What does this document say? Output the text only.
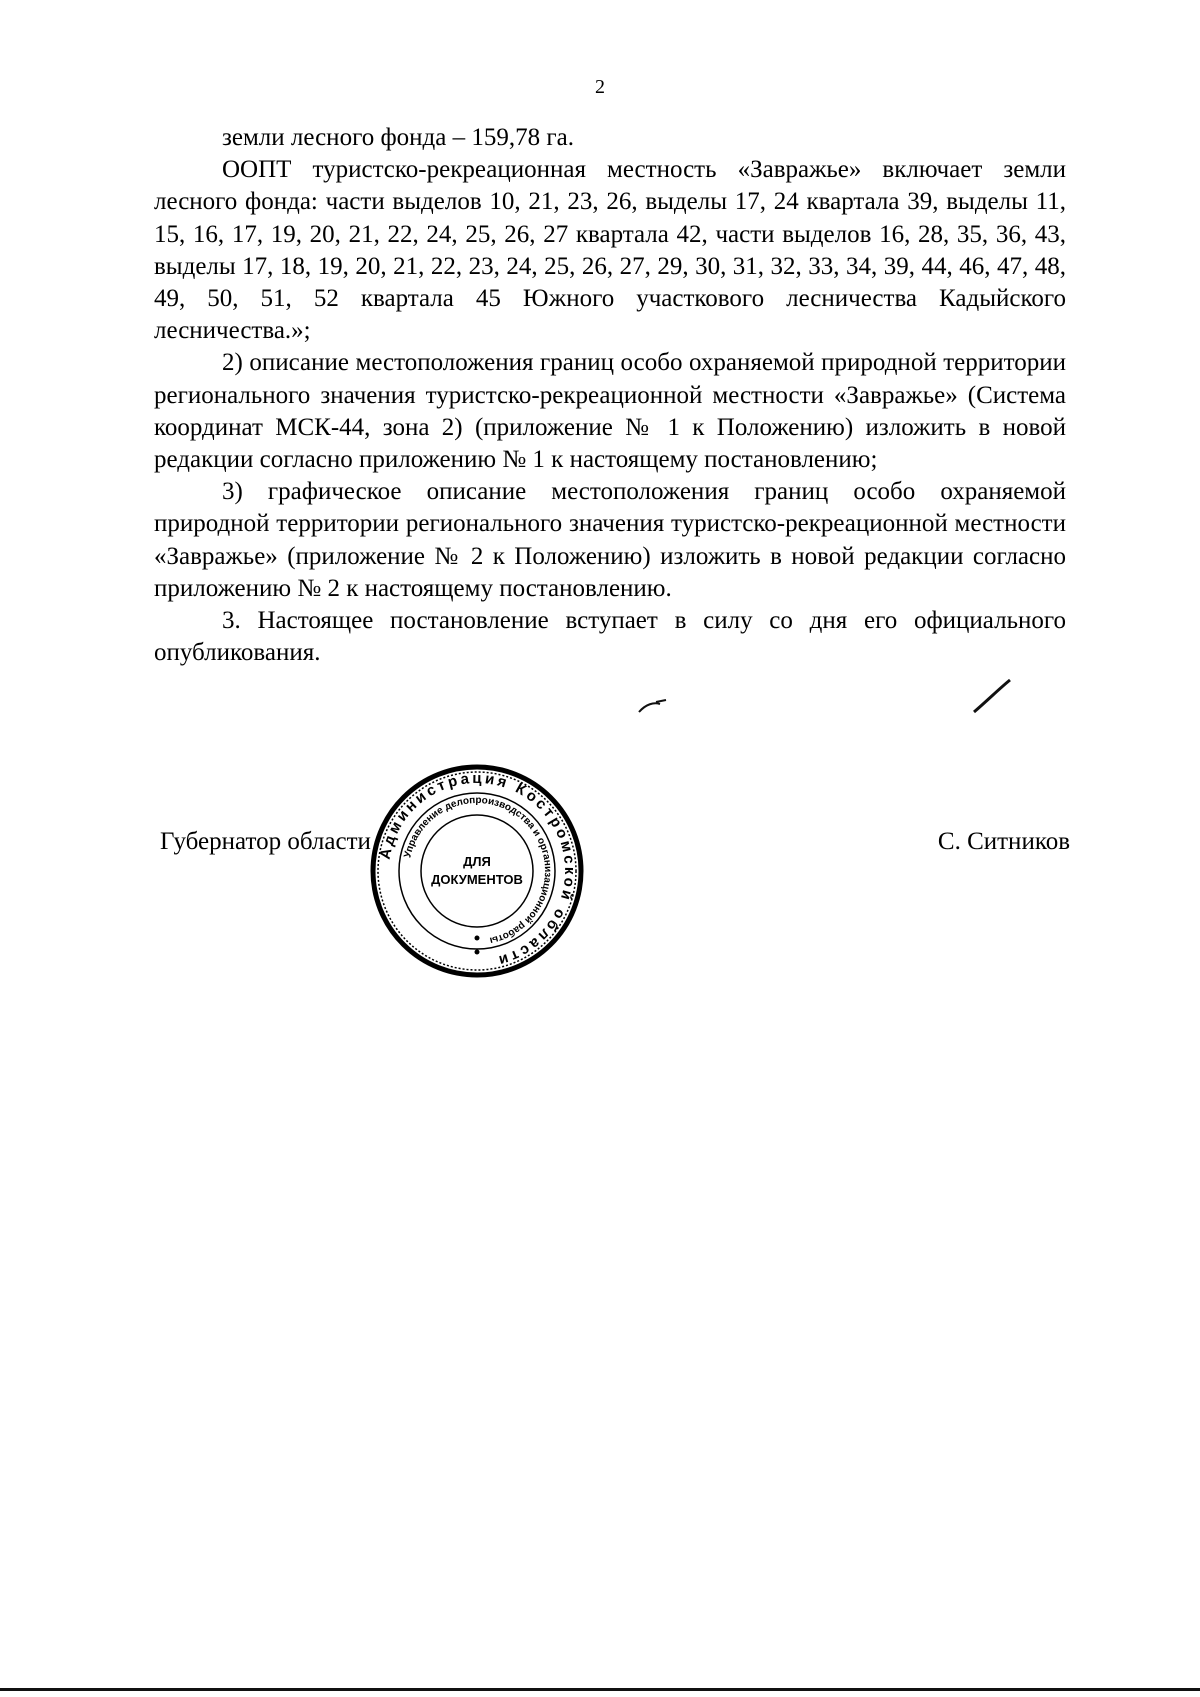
2

земли лесного фонда – 159,78 га.

ООПТ туристско-рекреационная местность «Завражье» включает земли лесного фонда: части выделов 10, 21, 23, 26, выделы 17, 24 квартала 39, выделы 11, 15, 16, 17, 19, 20, 21, 22, 24, 25, 26, 27 квартала 42, части выделов 16, 28, 35, 36, 43, выделы 17, 18, 19, 20, 21, 22, 23, 24, 25, 26, 27, 29, 30, 31, 32, 33, 34, 39, 44, 46, 47, 48, 49, 50, 51, 52 квартала 45 Южного участкового лесничества Кадыйского лесничества.»;

2) описание местоположения границ особо охраняемой природной территории регионального значения туристско-рекреационной местности «Завражье» (Система координат МСК-44, зона 2) (приложение № 1 к Положению) изложить в новой редакции согласно приложению № 1 к настоящему постановлению;

3) графическое описание местоположения границ особо охраняемой природной территории регионального значения туристско-рекреационной местности «Завражье» (приложение № 2 к Положению) изложить в новой редакции согласно приложению № 2 к настоящему постановлению.

3. Настоящее постановление вступает в силу со дня его официального опубликования.

Губернатор области	С. Ситников
Администрация Костромской области
Управление делопроизводства и организационной работы
ДЛЯ
ДОКУМЕНТОВ
